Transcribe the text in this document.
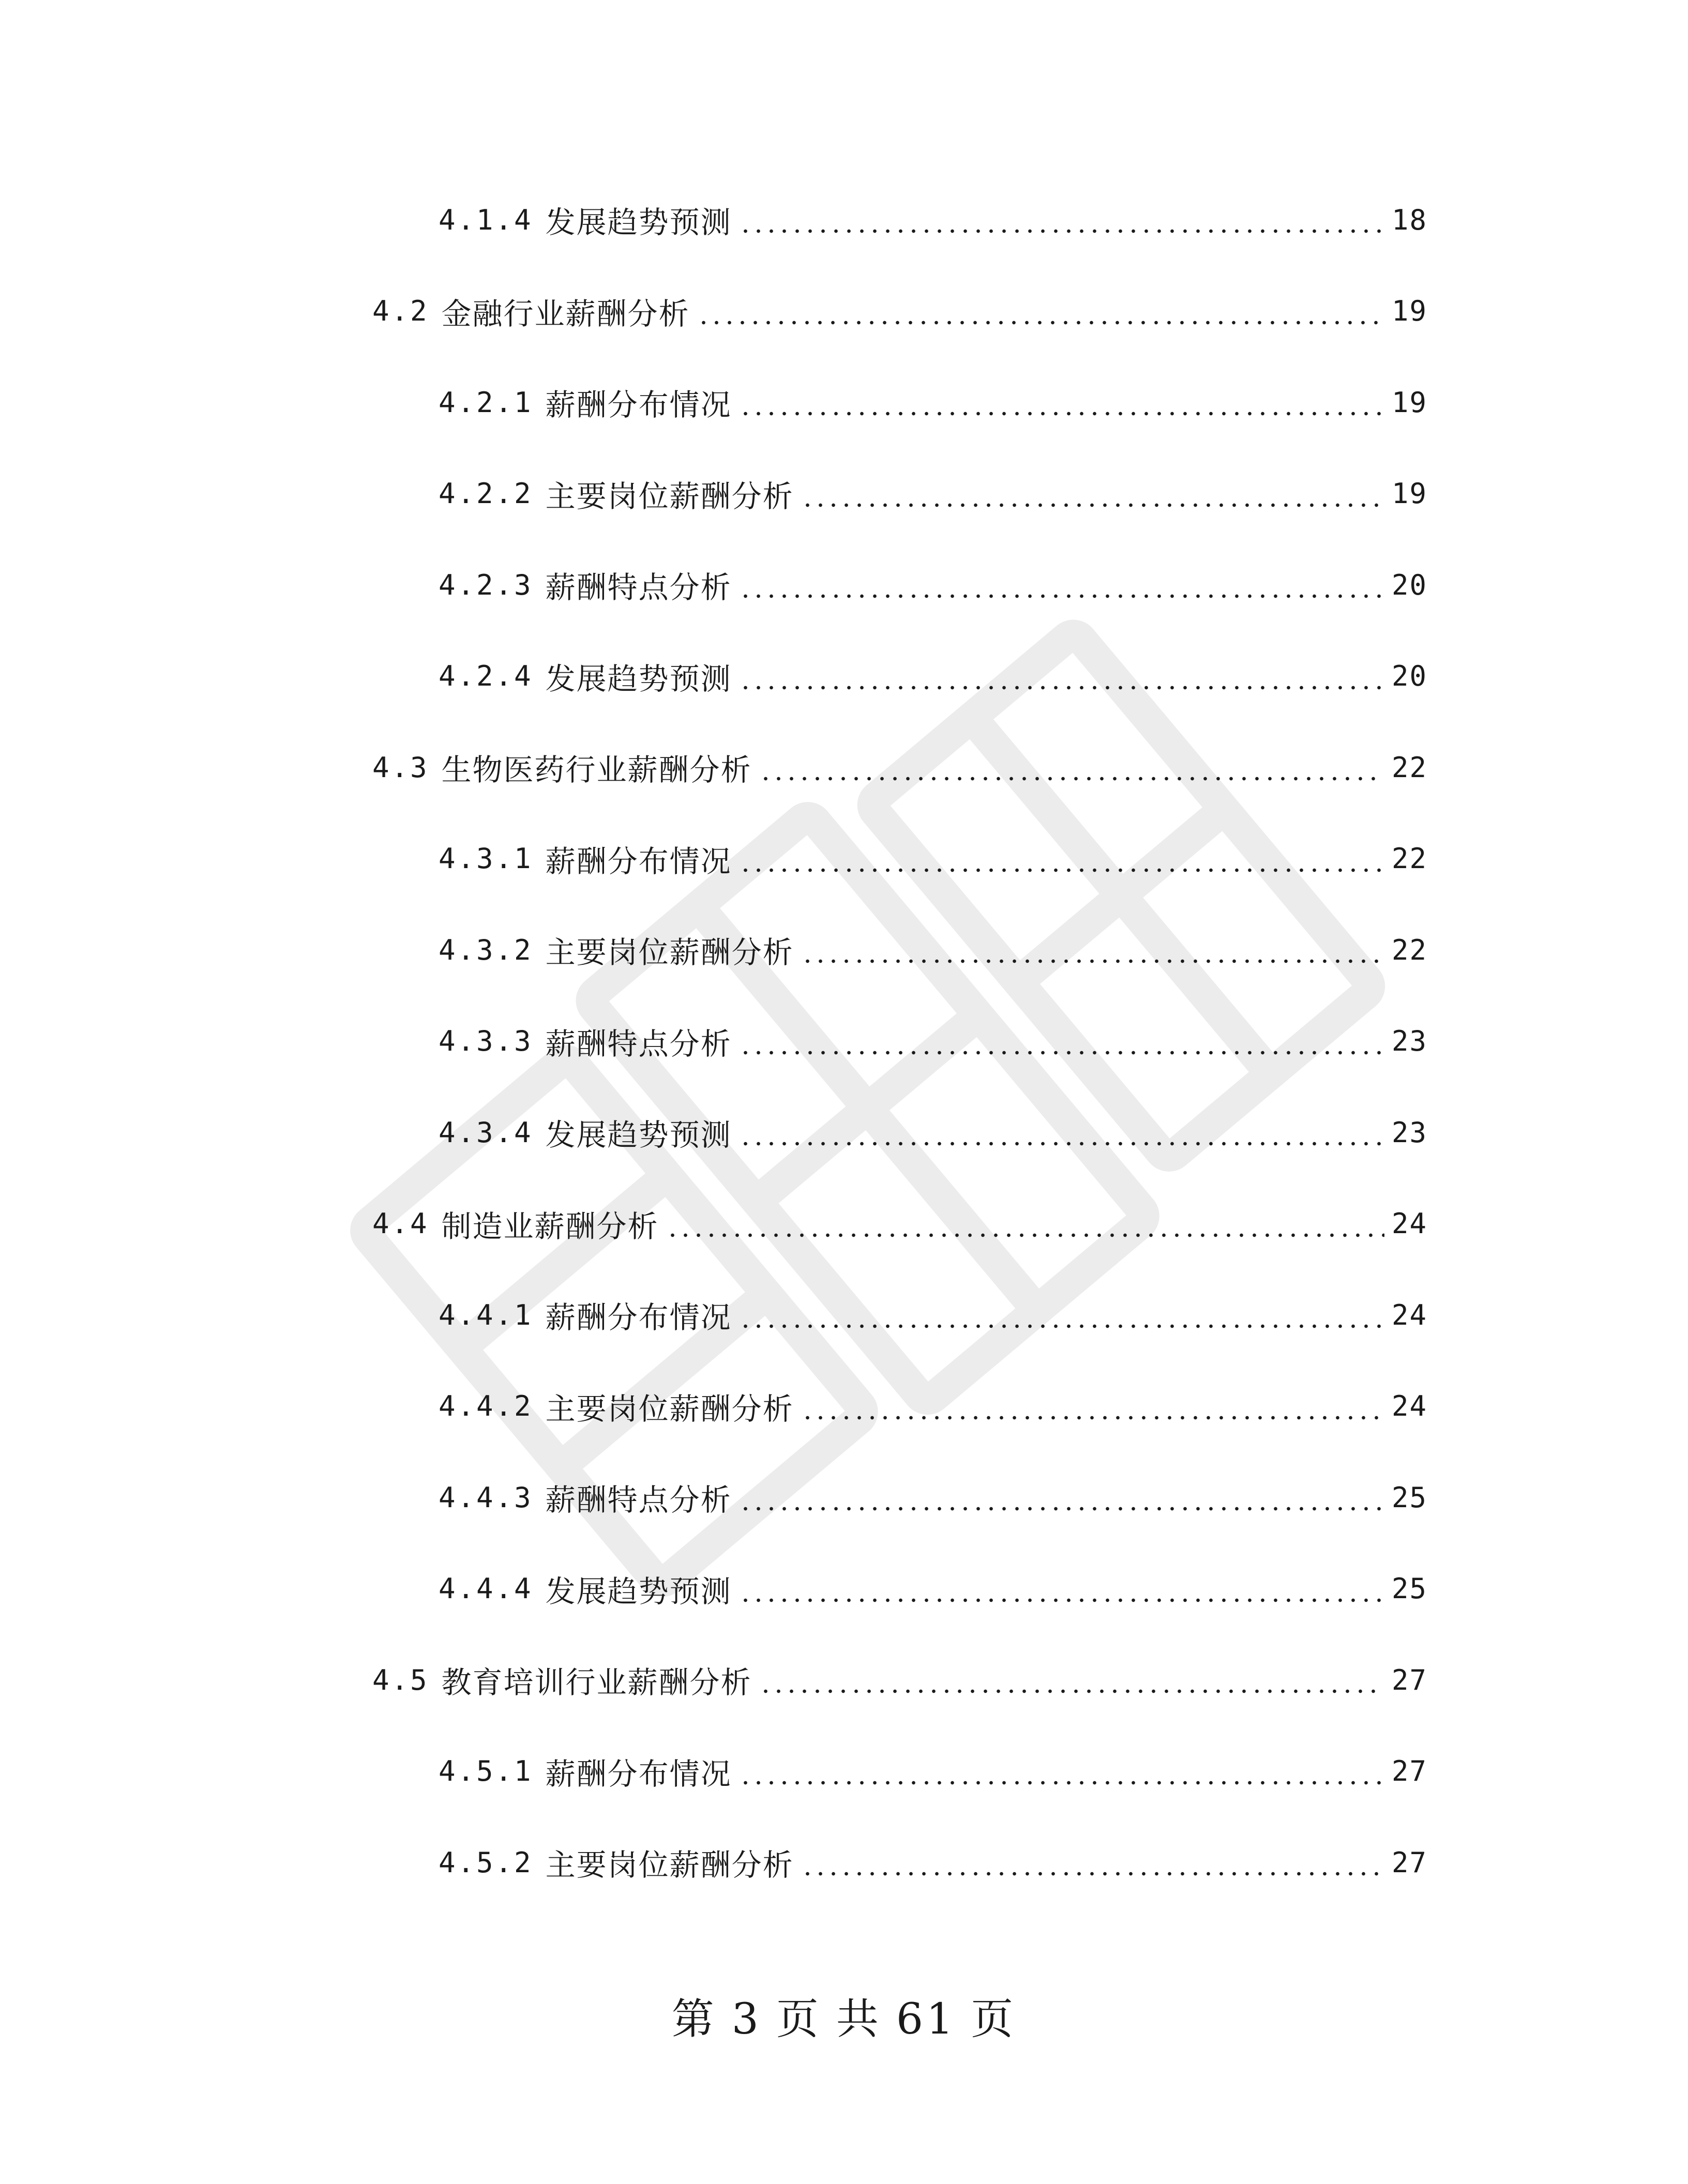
4.1.4 发展趋势预测	18
4.2 金融行业薪酬分析	19
4.2.1 薪酬分布情况	19
4.2.2 主要岗位薪酬分析	19
4.2.3 薪酬特点分析	20
4.2.4 发展趋势预测	20
4.3 生物医药行业薪酬分析	22
4.3.1 薪酬分布情况	22
4.3.2 主要岗位薪酬分析	22
4.3.3 薪酬特点分析	23
4.3.4 发展趋势预测	23
4.4 制造业薪酬分析	24
4.4.1 薪酬分布情况	24
4.4.2 主要岗位薪酬分析	24
4.4.3 薪酬特点分析	25
4.4.4 发展趋势预测	25
4.5 教育培训行业薪酬分析	27
4.5.1 薪酬分布情况	27
4.5.2 主要岗位薪酬分析	27
第 3 页 共 61 页
